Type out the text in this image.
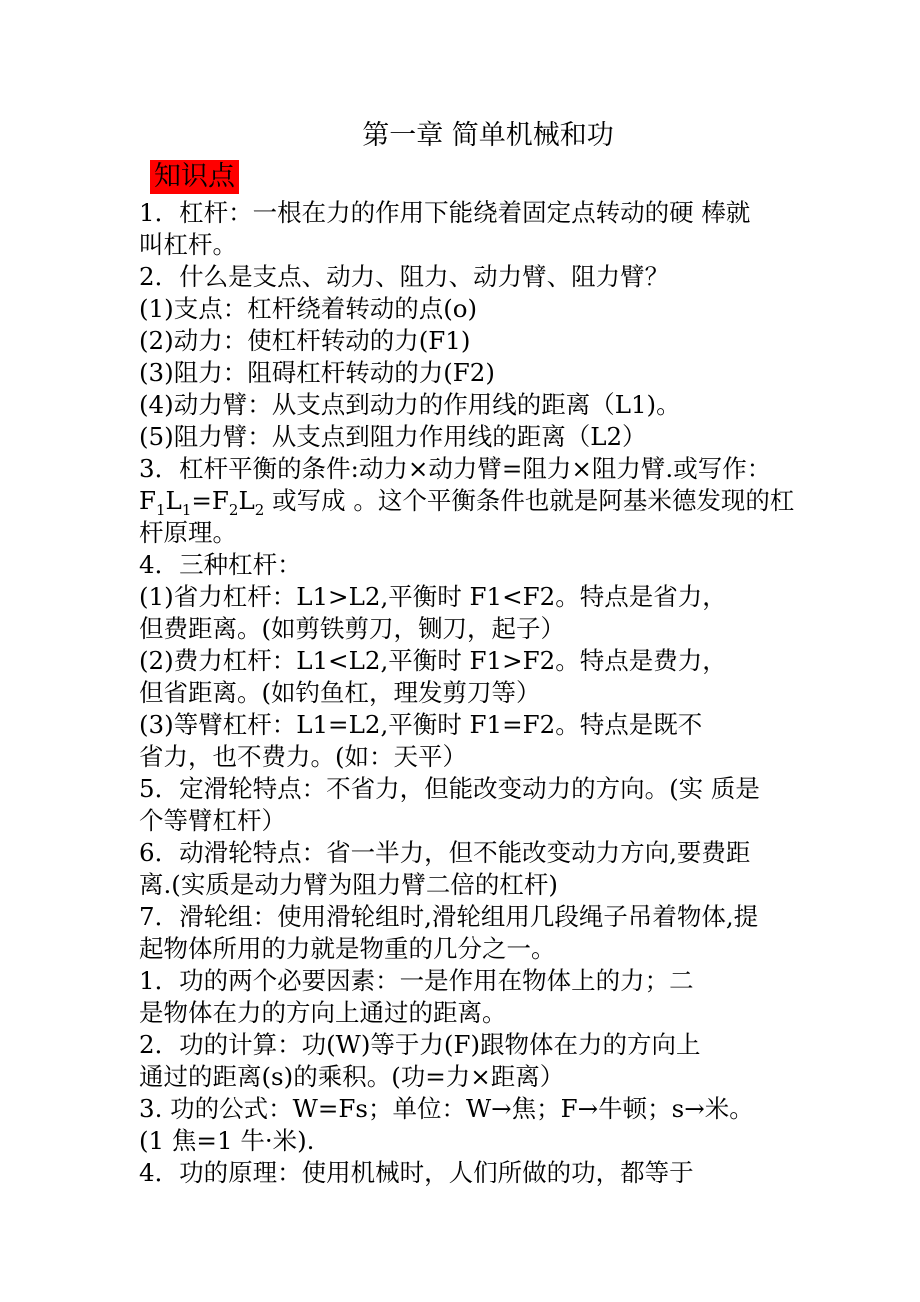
第一章 简单机械和功
知识点
1．杠杆：一根在力的作用下能绕着固定点转动的硬 棒就
叫杠杆。
2．什么是支点、动力、阻力、动力臂、阻力臂？
(1)支点：杠杆绕着转动的点(o)
(2)动力：使杠杆转动的力(F1)
(3)阻力：阻碍杠杆转动的力(F2)
(4)动力臂：从支点到动力的作用线的距离（L1)。
(5)阻力臂：从支点到阻力作用线的距离（L2）
3．杠杆平衡的条件:动力×动力臂=阻力×阻力臂.或写作：
$F_1L_1=F_2L_2$ 或写成 。这个平衡条件也就是阿基米德发现的杠
杆原理。
4．三种杠杆：
(1)省力杠杆：L1>L2,平衡时 F1<F2。特点是省力，
但费距离。(如剪铁剪刀，铡刀，起子）
(2)费力杠杆：L1<L2,平衡时 F1>F2。特点是费力，
但省距离。(如钓鱼杠，理发剪刀等）
(3)等臂杠杆：L1=L2,平衡时 F1=F2。特点是既不
省力，也不费力。(如：天平）
5．定滑轮特点：不省力，但能改变动力的方向。(实 质是
个等臂杠杆）
6．动滑轮特点：省一半力，但不能改变动力方向,要费距
离.(实质是动力臂为阻力臂二倍的杠杆)
7．滑轮组：使用滑轮组时,滑轮组用几段绳子吊着物体,提
起物体所用的力就是物重的几分之一。
1．功的两个必要因素：一是作用在物体上的力；二
是物体在力的方向上通过的距离。
2．功的计算：功(W)等于力(F)跟物体在力的方向上
通过的距离(s)的乘积。(功=力×距离）
3. 功的公式：W=Fs；单位：W→焦；F→牛顿；s→米。
(1 焦=1 牛·米).
4．功的原理：使用机械时，人们所做的功，都等于
